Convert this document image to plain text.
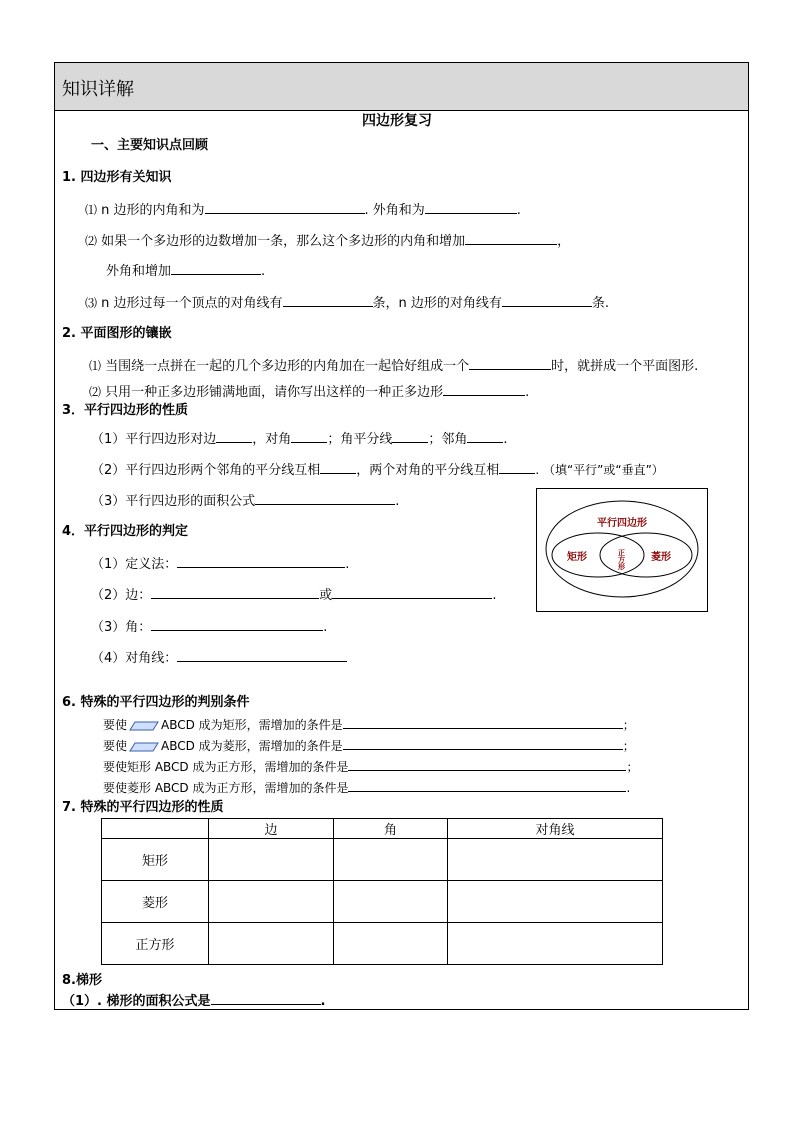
知识详解
四边形复习
一、主要知识点回顾
1. 四边形有关知识
⑴ n 边形的内角和为	. 外角和为	.
⑵ 如果一个多边形的边数增加一条，那么这个多边形的内角和增加	，
外角和增加	.
⑶ n 边形过每一个顶点的对角线有	条，n 边形的对角线有	条.
2. 平面图形的镶嵌
⑴ 当围绕一点拼在一起的几个多边形的内角加在一起恰好组成一个	时，就拼成一个平面图形.
⑵ 只用一种正多边形铺满地面，请你写出这样的一种正多边形	.
3．平行四边形的性质
（1）平行四边形对边	，对角	；角平分线	；邻角	.
（2）平行四边形两个邻角的平分线互相	，两个对角的平分线互相	. （填“平行”或“垂直”）
（3）平行四边形的面积公式	.
平行四边形
矩形	菱形
正方形
4．平行四边形的判定
（1）定义法：	.
（2）边：	或	.
（3）角：	.
（4）对角线：
6. 特殊的平行四边形的判别条件
要使	ABCD 成为矩形，需增加的条件是	；
要使	ABCD 成为菱形，需增加的条件是	；
要使矩形 ABCD 成为正方形，需增加的条件是	；
要使菱形 ABCD 成为正方形，需增加的条件是	.
7. 特殊的平行四边形的性质
	边	角	对角线
矩形			
菱形			
正方形			
8.梯形
（1）. 梯形的面积公式是	.
